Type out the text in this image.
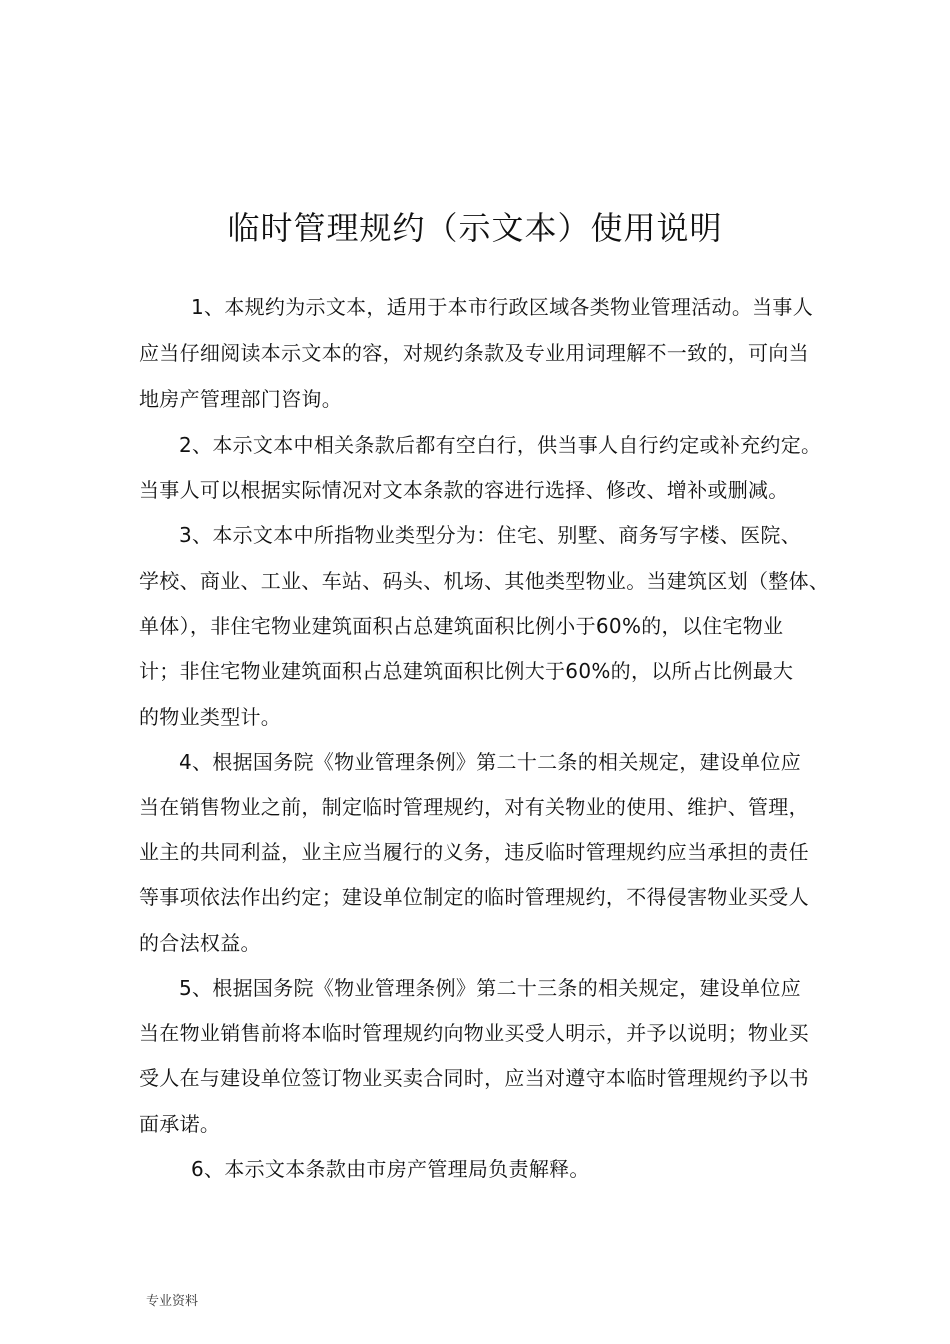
临时管理规约（示文本）使用说明
1、本规约为示文本，适用于本市行政区域各类物业管理活动。当事人
应当仔细阅读本示文本的容，对规约条款及专业用词理解不一致的，可向当
地房产管理部门咨询。
2、本示文本中相关条款后都有空白行，供当事人自行约定或补充约定。
当事人可以根据实际情况对文本条款的容进行选择、修改、增补或删减。
3、本示文本中所指物业类型分为：住宅、别墅、商务写字楼、医院、
学校、商业、工业、车站、码头、机场、其他类型物业。当建筑区划（整体、
单体），非住宅物业建筑面积占总建筑面积比例小于60%的，以住宅物业
计；非住宅物业建筑面积占总建筑面积比例大于60%的，以所占比例最大
的物业类型计。
4、根据国务院《物业管理条例》第二十二条的相关规定，建设单位应
当在销售物业之前，制定临时管理规约，对有关物业的使用、维护、管理，
业主的共同利益，业主应当履行的义务，违反临时管理规约应当承担的责任
等事项依法作出约定；建设单位制定的临时管理规约，不得侵害物业买受人
的合法权益。
5、根据国务院《物业管理条例》第二十三条的相关规定，建设单位应
当在物业销售前将本临时管理规约向物业买受人明示，并予以说明；物业买
受人在与建设单位签订物业买卖合同时，应当对遵守本临时管理规约予以书
面承诺。
6、本示文本条款由市房产管理局负责解释。
专业资料
